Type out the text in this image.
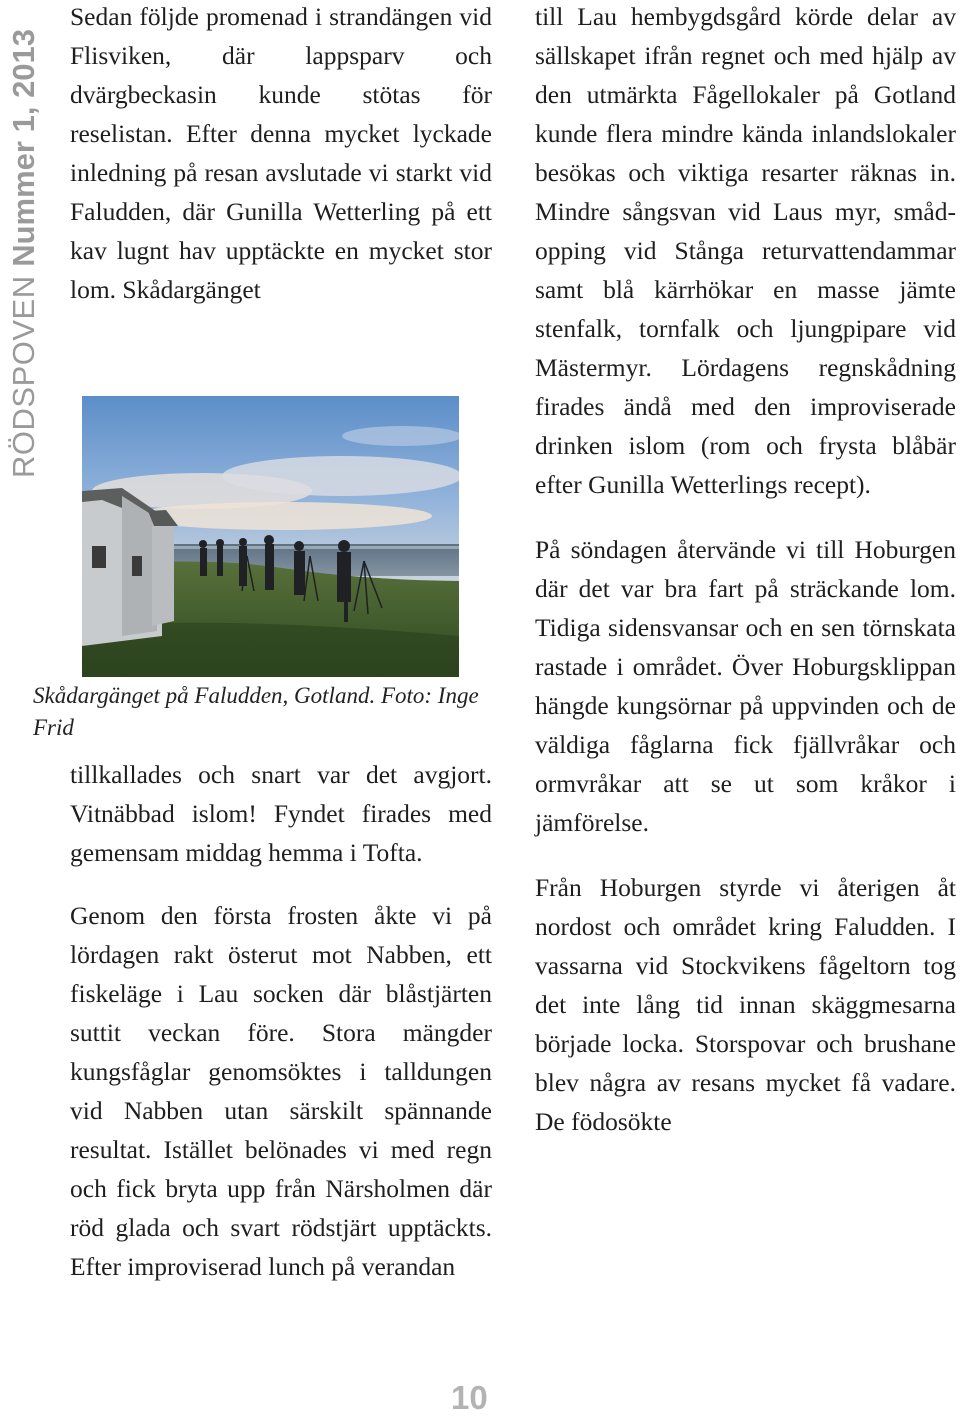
RÖDSPOVEN Nummer 1, 2013

Sedan följde promenad i strandängen vid Flisviken, där lappsparv och dvärgbeckasin kunde stötas för reselistan. Efter denna mycket lyckade inledning på resan avslutade vi starkt vid Faludden, där Gunilla Wetterling på ett kav lugnt hav upptäckte en mycket stor lom. Skådargänget

Skådargänget på Faludden, Gotland. Foto: Inge Frid

tillkallades och snart var det avgjort. Vitnäbbad islom! Fyndet firades med gemensam middag hemma i Tofta.

Genom den första frosten åkte vi på lördagen rakt österut mot Nabben, ett fiskeläge i Lau socken där blåstjärten suttit veckan före. Stora mängder kungsfåglar genomsöktes i talldungen vid Nabben utan särskilt spännande resultat. Istället belönades vi med regn och fick bryta upp från Närsholmen där röd glada och svart rödstjärt upptäckts. Efter improviserad lunch på verandan

till Lau hembygdsgård körde delar av sällskapet ifrån regnet och med hjälp av den utmärkta Fågellokaler på Gotland kunde flera mindre kända inlandslokaler besökas och viktiga resarter räknas in. Mindre sångsvan vid Laus myr, smådopping vid Stånga returvattendammar samt blå kärrhökar en masse jämte stenfalk, tornfalk och ljungpipare vid Mästermyr. Lördagens regnskådning firades ändå med den improviserade drinken islom (rom och frysta blåbär efter Gunilla Wetterlings recept).

På söndagen återvände vi till Hoburgen där det var bra fart på sträckande lom. Tidiga sidensvansar och en sen törnskata rastade i området. Över Hoburgsklippan hängde kungsörnar på uppvinden och de väldiga fåglarna fick fjällvråkar och ormvråkar att se ut som kråkor i jämförelse.

Från Hoburgen styrde vi återigen åt nordost och området kring Faludden. I vassarna vid Stockvikens fågeltorn tog det inte lång tid innan skäggmesarna började locka. Storspovar och brushane blev några av resans mycket få vadare. De födosökte

10
